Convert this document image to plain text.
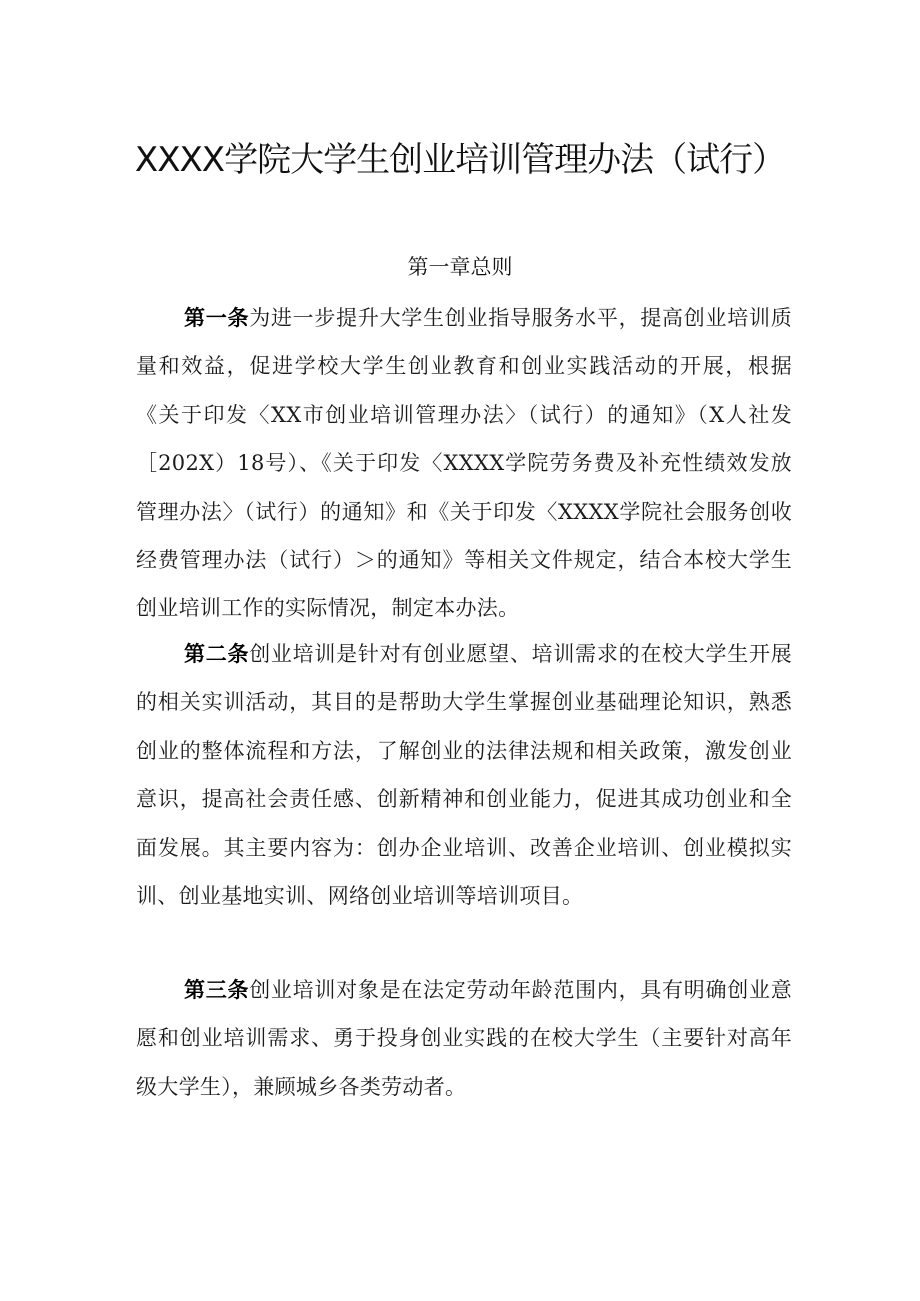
XXXX学院大学生创业培训管理办法（试行）
第一章总则

第一条为进一步提升大学生创业指导服务水平，提高创业培训质量和效益，促进学校大学生创业教育和创业实践活动的开展，根据《关于印发〈XX市创业培训管理办法〉（试行）的通知》（X人社发［202X）18号）、《关于印发〈XXXX学院劳务费及补充性绩效发放管理办法〉（试行）的通知》和《关于印发〈XXXX学院社会服务创收经费管理办法（试行）＞的通知》等相关文件规定，结合本校大学生创业培训工作的实际情况，制定本办法。

第二条创业培训是针对有创业愿望、培训需求的在校大学生开展的相关实训活动，其目的是帮助大学生掌握创业基础理论知识，熟悉创业的整体流程和方法，了解创业的法律法规和相关政策，激发创业意识，提高社会责任感、创新精神和创业能力，促进其成功创业和全面发展。其主要内容为：创办企业培训、改善企业培训、创业模拟实训、创业基地实训、网络创业培训等培训项目。

第三条创业培训对象是在法定劳动年龄范围内，具有明确创业意愿和创业培训需求、勇于投身创业实践的在校大学生（主要针对高年级大学生），兼顾城乡各类劳动者。
